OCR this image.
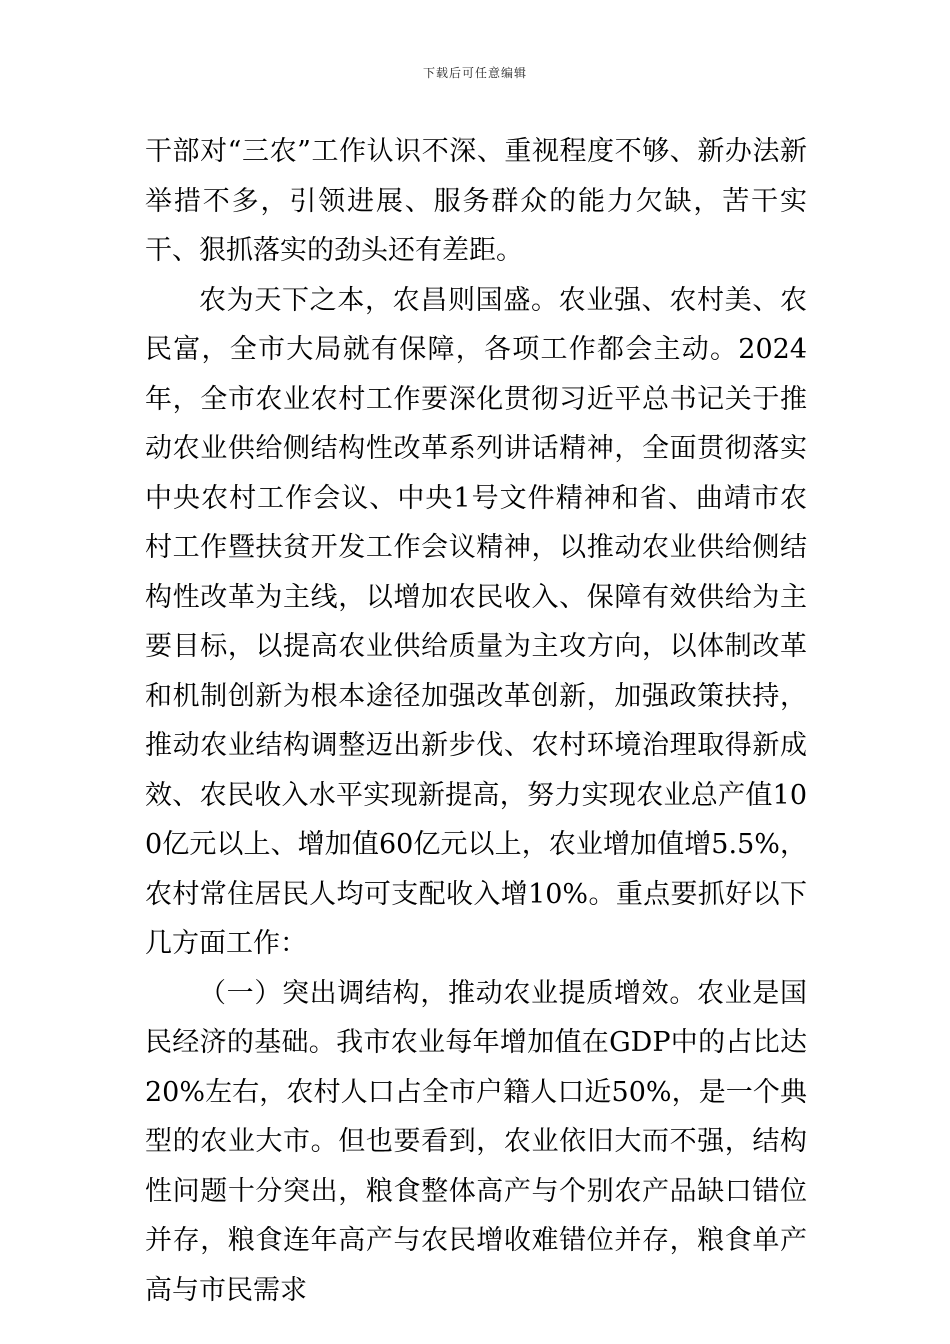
下载后可任意编辑

干部对“三农”工作认识不深、重视程度不够、新办法新举措不多，引领进展、服务群众的能力欠缺，苦干实干、狠抓落实的劲头还有差距。

农为天下之本，农昌则国盛。农业强、农村美、农民富，全市大局就有保障，各项工作都会主动。2024年，全市农业农村工作要深化贯彻习近平总书记关于推动农业供给侧结构性改革系列讲话精神，全面贯彻落实中央农村工作会议、中央1号文件精神和省、曲靖市农村工作暨扶贫开发工作会议精神，以推动农业供给侧结构性改革为主线，以增加农民收入、保障有效供给为主要目标，以提高农业供给质量为主攻方向，以体制改革和机制创新为根本途径加强改革创新，加强政策扶持，推动农业结构调整迈出新步伐、农村环境治理取得新成效、农民收入水平实现新提高，努力实现农业总产值100亿元以上、增加值60亿元以上，农业增加值增5.5%，农村常住居民人均可支配收入增10%。重点要抓好以下几方面工作：

（一）突出调结构，推动农业提质增效。农业是国民经济的基础。我市农业每年增加值在GDP中的占比达20%左右，农村人口占全市户籍人口近50%，是一个典型的农业大市。但也要看到，农业依旧大而不强，结构性问题十分突出，粮食整体高产与个别农产品缺口错位并存，粮食连年高产与农民增收难错位并存，粮食单产高与市民需求
